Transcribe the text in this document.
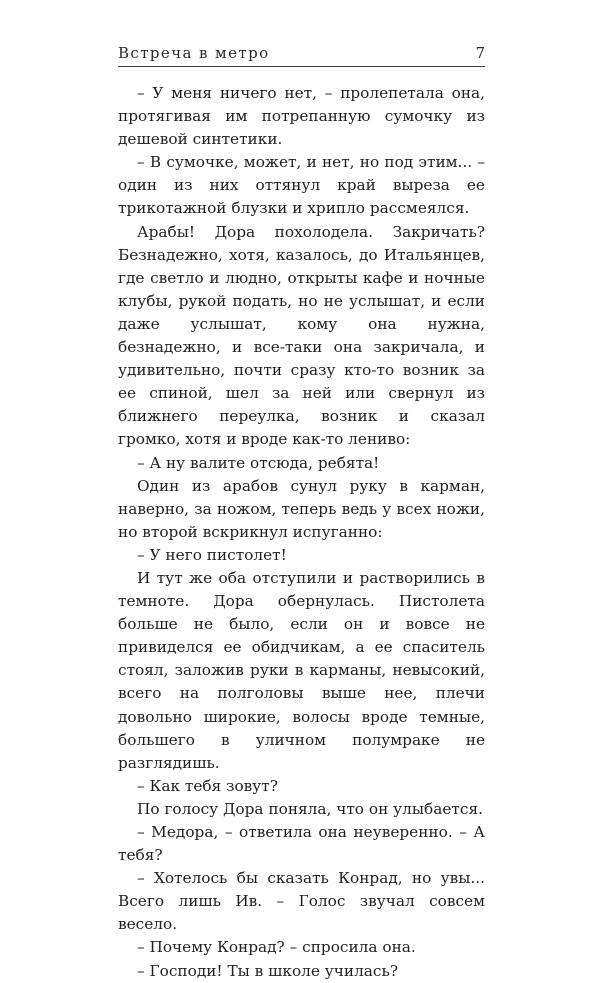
Встреча в метро	7

– У меня ничего нет, – пролепетала она, протягивая им потрепанную сумочку из дешевой синтетики.

– В сумочке, может, и нет, но под этим... – один из них оттянул край выреза ее трикотажной блузки и хрипло рассмеялся.

Арабы! Дора похолодела. Закричать? Безнадежно, хотя, казалось, до Итальянцев, где светло и людно, открыты кафе и ночные клубы, рукой подать, но не услышат, и если даже услышат, кому она нужна, безнадежно, и все-таки она закричала, и удивительно, почти сразу кто-то возник за ее спиной, шел за ней или свернул из ближнего переулка, возник и сказал громко, хотя и вроде как-то лениво:

– А ну валите отсюда, ребята!

Один из арабов сунул руку в карман, наверно, за ножом, теперь ведь у всех ножи, но второй вскрикнул испуганно:

– У него пистолет!

И тут же оба отступили и растворились в темноте. Дора обернулась. Пистолета больше не было, если он и вовсе не привиделся ее обидчикам, а ее спаситель стоял, заложив руки в карманы, невысокий, всего на полголовы выше нее, плечи довольно широкие, волосы вроде темные, большего в уличном полумраке не разглядишь.

– Как тебя зовут?

По голосу Дора поняла, что он улыбается.

– Медора, – ответила она неуверенно. – А тебя?

– Хотелось бы сказать Конрад, но увы... Всего лишь Ив. – Голос звучал совсем весело.

– Почему Конрад? – спросила она.

– Господи! Ты в школе училась?
